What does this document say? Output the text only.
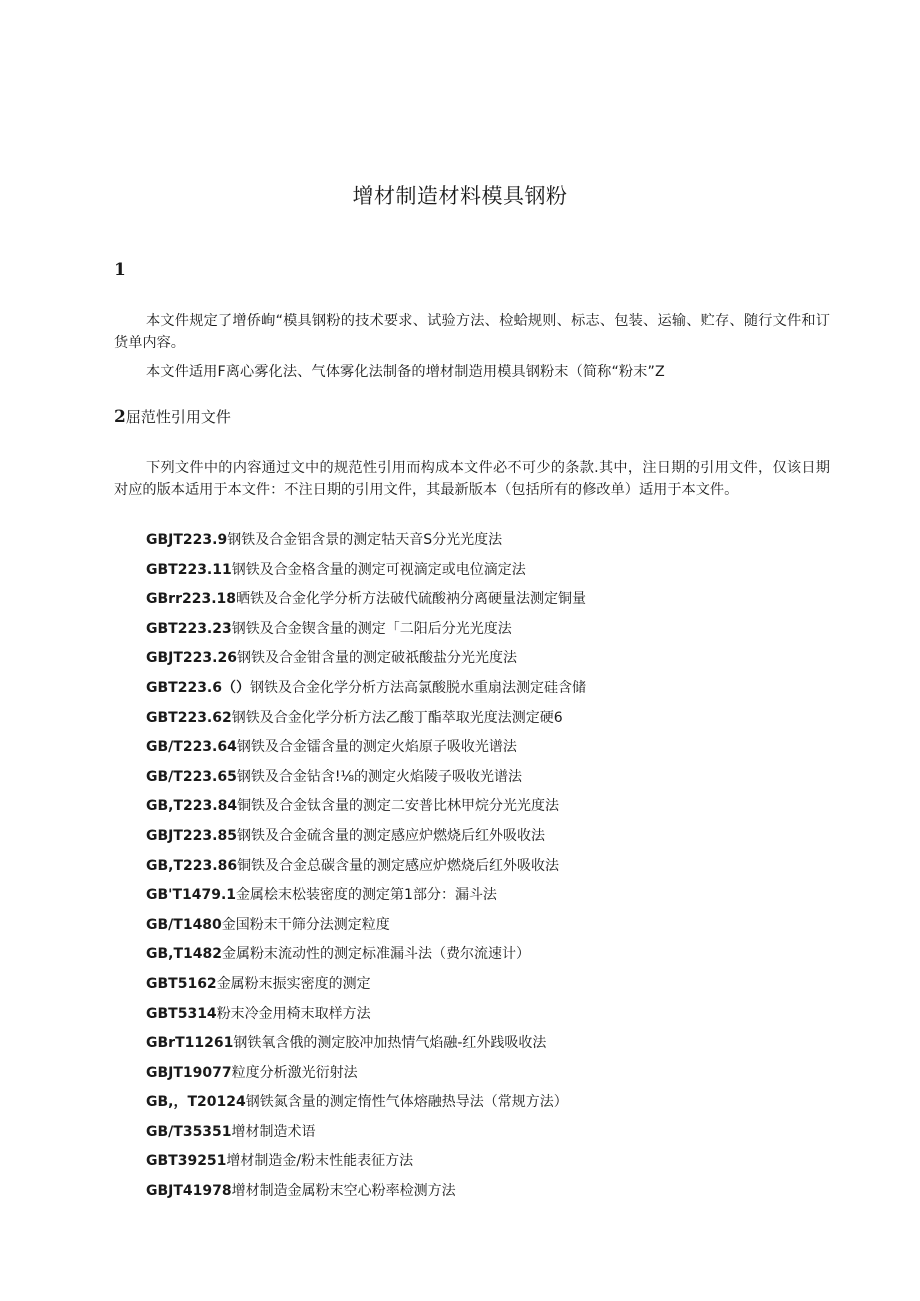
增材制造材料模具钢粉
1

本文件规定了增侨峋“模具钢粉的技术要求、试验方法、检蛤规则、标志、包装、运输、贮存、随行文件和订货单内容。

本文件适用F离心雾化法、气体雾化法制备的增材制造用模具钢粉末（简称“粉末”Z

2屈范性引用文件

下列文件中的内容通过文中的规范性引用而构成本文件必不可少的条款.其中，注日期的引用文件，仅该日期对应的版本适用于本文件：不注日期的引用文件，其最新版本（包括所有的修改单）适用于本文件。

GBJT223.9钢铁及合金铝含景的测定牯天音S分光光度法
GBT223.11钢铁及合金格含量的测定可视滴定或电位滴定法
GBrr223.18晒铁及合金化学分析方法破代硫酸衲分离硬量法测定铜量
GBT223.23钢铁及合金锲含量的测定「二阳后分光光度法
GBJT223.26钢铁及合金钳含量的测定破祇酸盐分光光度法
GBT223.6（）钢铁及合金化学分析方法高氯酸脱水重扇法测定硅含储
GBT223.62钢铁及合金化学分析方法乙酸丁酯萃取光度法测定硬6
GB/T223.64钢铁及合金镭含量的测定火焰原子吸收光谱法
GB/T223.65钢铁及合金钻含!⅛的测定火焰陵子吸收光谱法
GB,T223.84铜铁及合金钛含量的测定二安普比林甲烷分光光度法
GBJT223.85钢铁及合金硫含量的测定感应炉燃烧后红外吸收法
GB,T223.86铜铁及合金总碳含量的测定感应炉燃烧后红外吸收法
GB'T1479.1金属桧末松装密度的测定第1部分：漏斗法
GB/T1480金国粉末干筛分法测定粒度
GB,T1482金属粉末流动性的测定标准漏斗法（费尔流速计）
GBT5162金属粉末振实密度的测定
GBT5314粉末冷金用椅末取样方法
GBrT11261钢铁氧含俄的测定胶冲加热情气焰融-红外践吸收法
GBJT19077粒度分析激光衍射法
GB,，T20124钢铁氮含量的测定惰性气体熔融热导法（常规方法）
GB/T35351增材制造术语
GBT39251增材制造金/粉末性能表征方法
GBJT41978增材制造金属粉末空心粉率检测方法
